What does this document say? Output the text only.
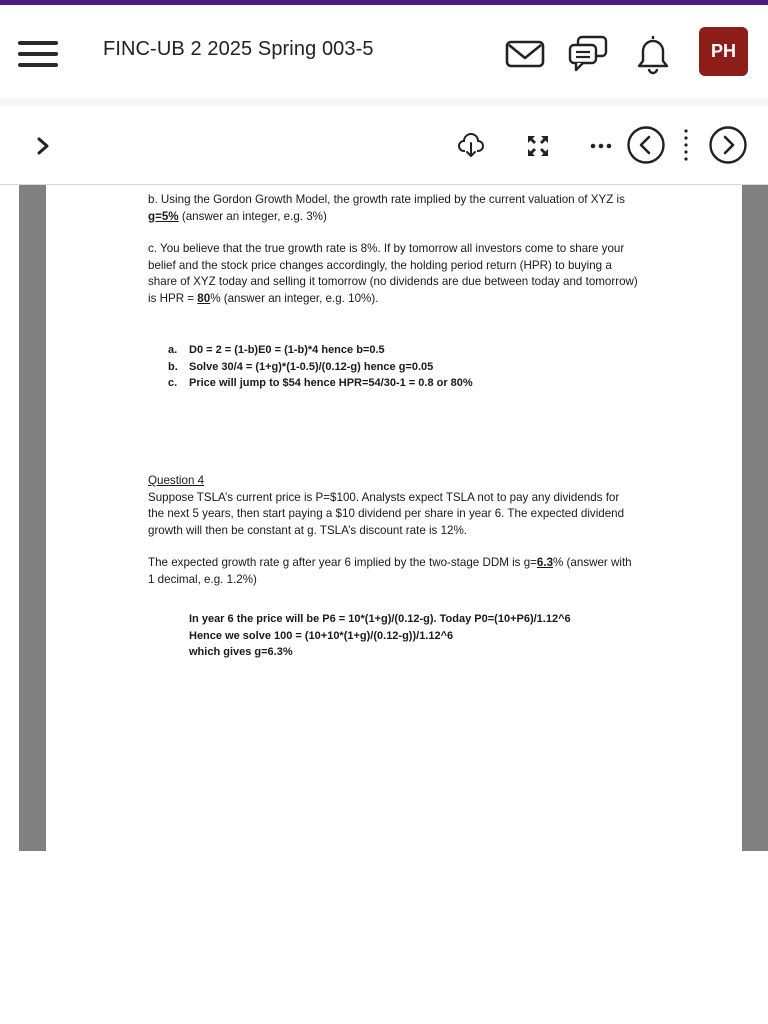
FINC-UB 2 2025 Spring 003-5	PH
b. Using the Gordon Growth Model, the growth rate implied by the current valuation of XYZ is g=5% (answer an integer, e.g. 3%)
c. You believe that the true growth rate is 8%. If by tomorrow all investors come to share your belief and the stock price changes accordingly, the holding period return (HPR) to buying a share of XYZ today and selling it tomorrow (no dividends are due between today and tomorrow) is HPR = 80% (answer an integer, e.g. 10%).
a.	D0 = 2 = (1-b)E0 = (1-b)*4 hence b=0.5
b.	Solve 30/4 = (1+g)*(1-0.5)/(0.12-g) hence g=0.05
c.	Price will jump to $54 hence HPR=54/30-1 = 0.8 or 80%
Question 4
Suppose TSLA’s current price is P=$100. Analysts expect TSLA not to pay any dividends for the next 5 years, then start paying a $10 dividend per share in year 6. The expected dividend growth will then be constant at g. TSLA’s discount rate is 12%.
The expected growth rate g after year 6 implied by the two-stage DDM is g=6.3% (answer with 1 decimal, e.g. 1.2%)
In year 6 the price will be P6 = 10*(1+g)/(0.12-g). Today P0=(10+P6)/1.12^6
Hence we solve 100 = (10+10*(1+g)/(0.12-g))/1.12^6
which gives g=6.3%
